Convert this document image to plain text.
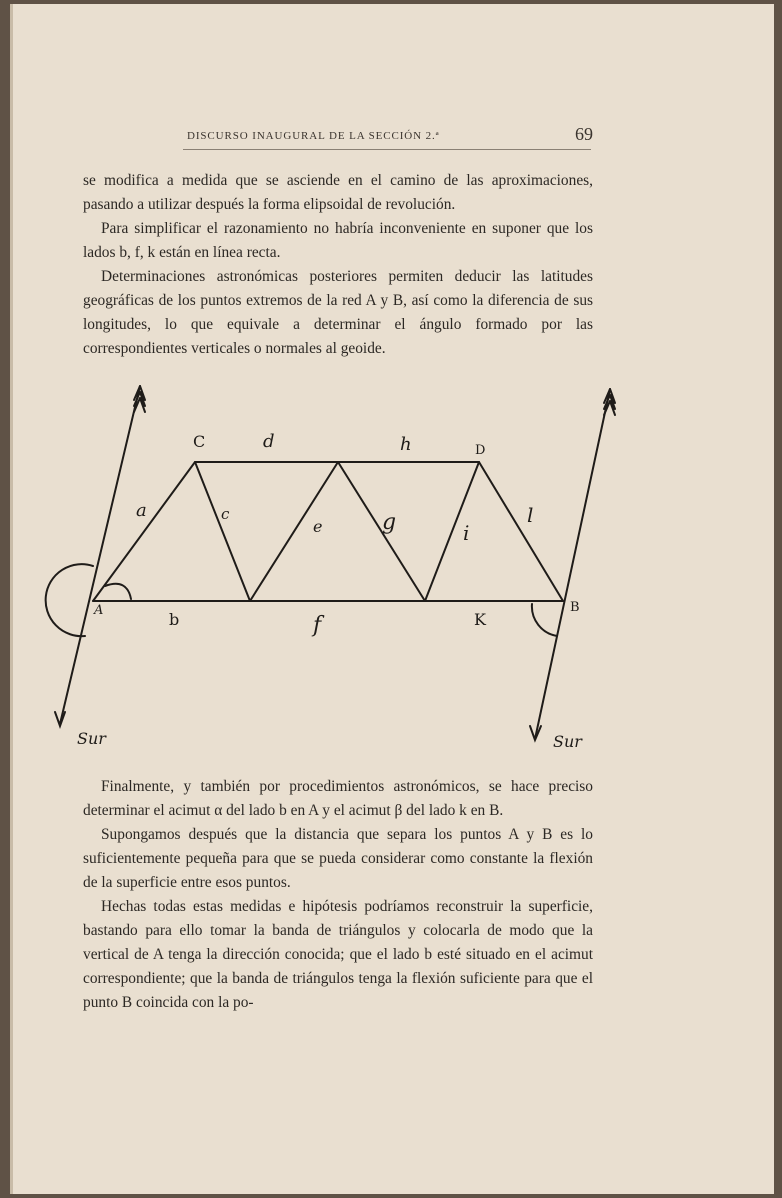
DISCURSO INAUGURAL DE LA SECCIÓN 2.ª	69

se modifica a medida que se asciende en el camino de las aproximaciones, pasando a utilizar después la forma elipsoidal de revolución.

Para simplificar el razonamiento no habría inconveniente en suponer que los lados b, f, k están en línea recta.

Determinaciones astronómicas posteriores permiten deducir las latitudes geográficas de los puntos extremos de la red A y B, así como la diferencia de sus longitudes, lo que equivale a determinar el ángulo formado por las correspondientes verticales o normales al geoide.

C	d	h	D
a	c
e	g	i
l
A	b	f	K
B
Sur	Sur

Finalmente, y también por procedimientos astronómicos, se hace preciso determinar el acimut α del lado b en A y el acimut β del lado k en B.

Supongamos después que la distancia que separa los puntos A y B es lo suficientemente pequeña para que se pueda considerar como constante la flexión de la superficie entre esos puntos.

Hechas todas estas medidas e hipótesis podríamos reconstruir la superficie, bastando para ello tomar la banda de triángulos y colocarla de modo que la vertical de A tenga la dirección conocida; que el lado b esté situado en el acimut correspondiente; que la banda de triángulos tenga la flexión suficiente para que el punto B coincida con la po-
